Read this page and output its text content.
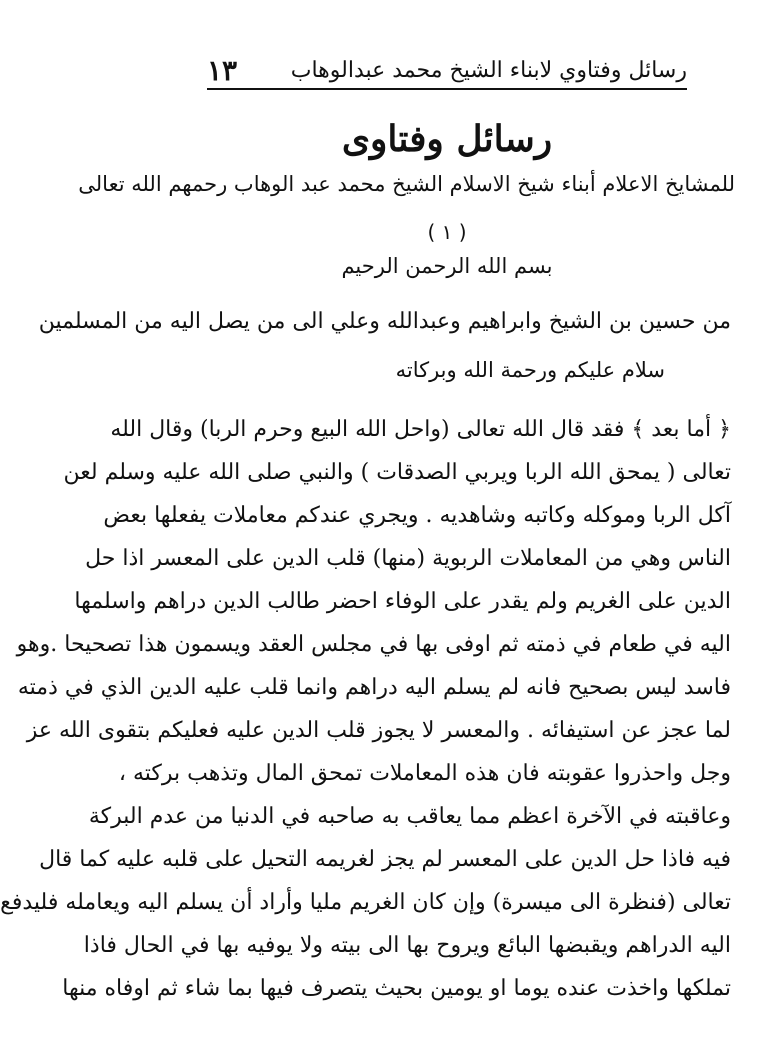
رسائل وفتاوي لابناء الشيخ محمد عبدالوهاب
١٣
رسائل وفتاوى
للمشايخ الاعلام أبناء شيخ الاسلام الشيخ محمد عبد الوهاب رحمهم الله تعالى
( ١ )
بسم الله الرحمن الرحيم
من حسين بن الشيخ وابراهيم وعبدالله وعلي الى من يصل اليه من المسلمين
سلام عليكم ورحمة الله وبركاته
﴿ أما بعد ﴾ فقد قال الله تعالى (واحل الله البيع وحرم الربا) وقال الله
تعالى ( يمحق الله الربا ويربي الصدقات ) والنبي صلى الله عليه وسلم لعن
آكل الربا وموكله وكاتبه وشاهديه . ويجري عندكم معاملات يفعلها بعض
الناس وهي من المعاملات الربوية (منها) قلب الدين على المعسر اذا حل
الدين على الغريم ولم يقدر على الوفاء احضر طالب الدين دراهم واسلمها
اليه في طعام في ذمته ثم اوفى بها في مجلس العقد ويسمون هذا تصحيحا .وهو
فاسد ليس بصحيح فانه لم يسلم اليه دراهم وانما قلب عليه الدين الذي في ذمته
لما عجز عن استيفائه . والمعسر لا يجوز قلب الدين عليه فعليكم بتقوى الله عز
وجل واحذروا عقوبته فان هذه المعاملات تمحق المال وتذهب بركته ،
وعاقبته في الآخرة اعظم مما يعاقب به صاحبه في الدنيا من عدم البركة
فيه فاذا حل الدين على المعسر لم يجز لغريمه التحيل على قلبه عليه كما قال
تعالى (فنظرة الى ميسرة) وإن كان الغريم مليا وأراد أن يسلم اليه ويعامله فليدفع
اليه الدراهم ويقبضها البائع ويروح بها الى بيته ولا يوفيه بها في الحال فاذا
تملكها واخذت عنده يوما او يومين بحيث يتصرف فيها بما شاء ثم اوفاه منها
